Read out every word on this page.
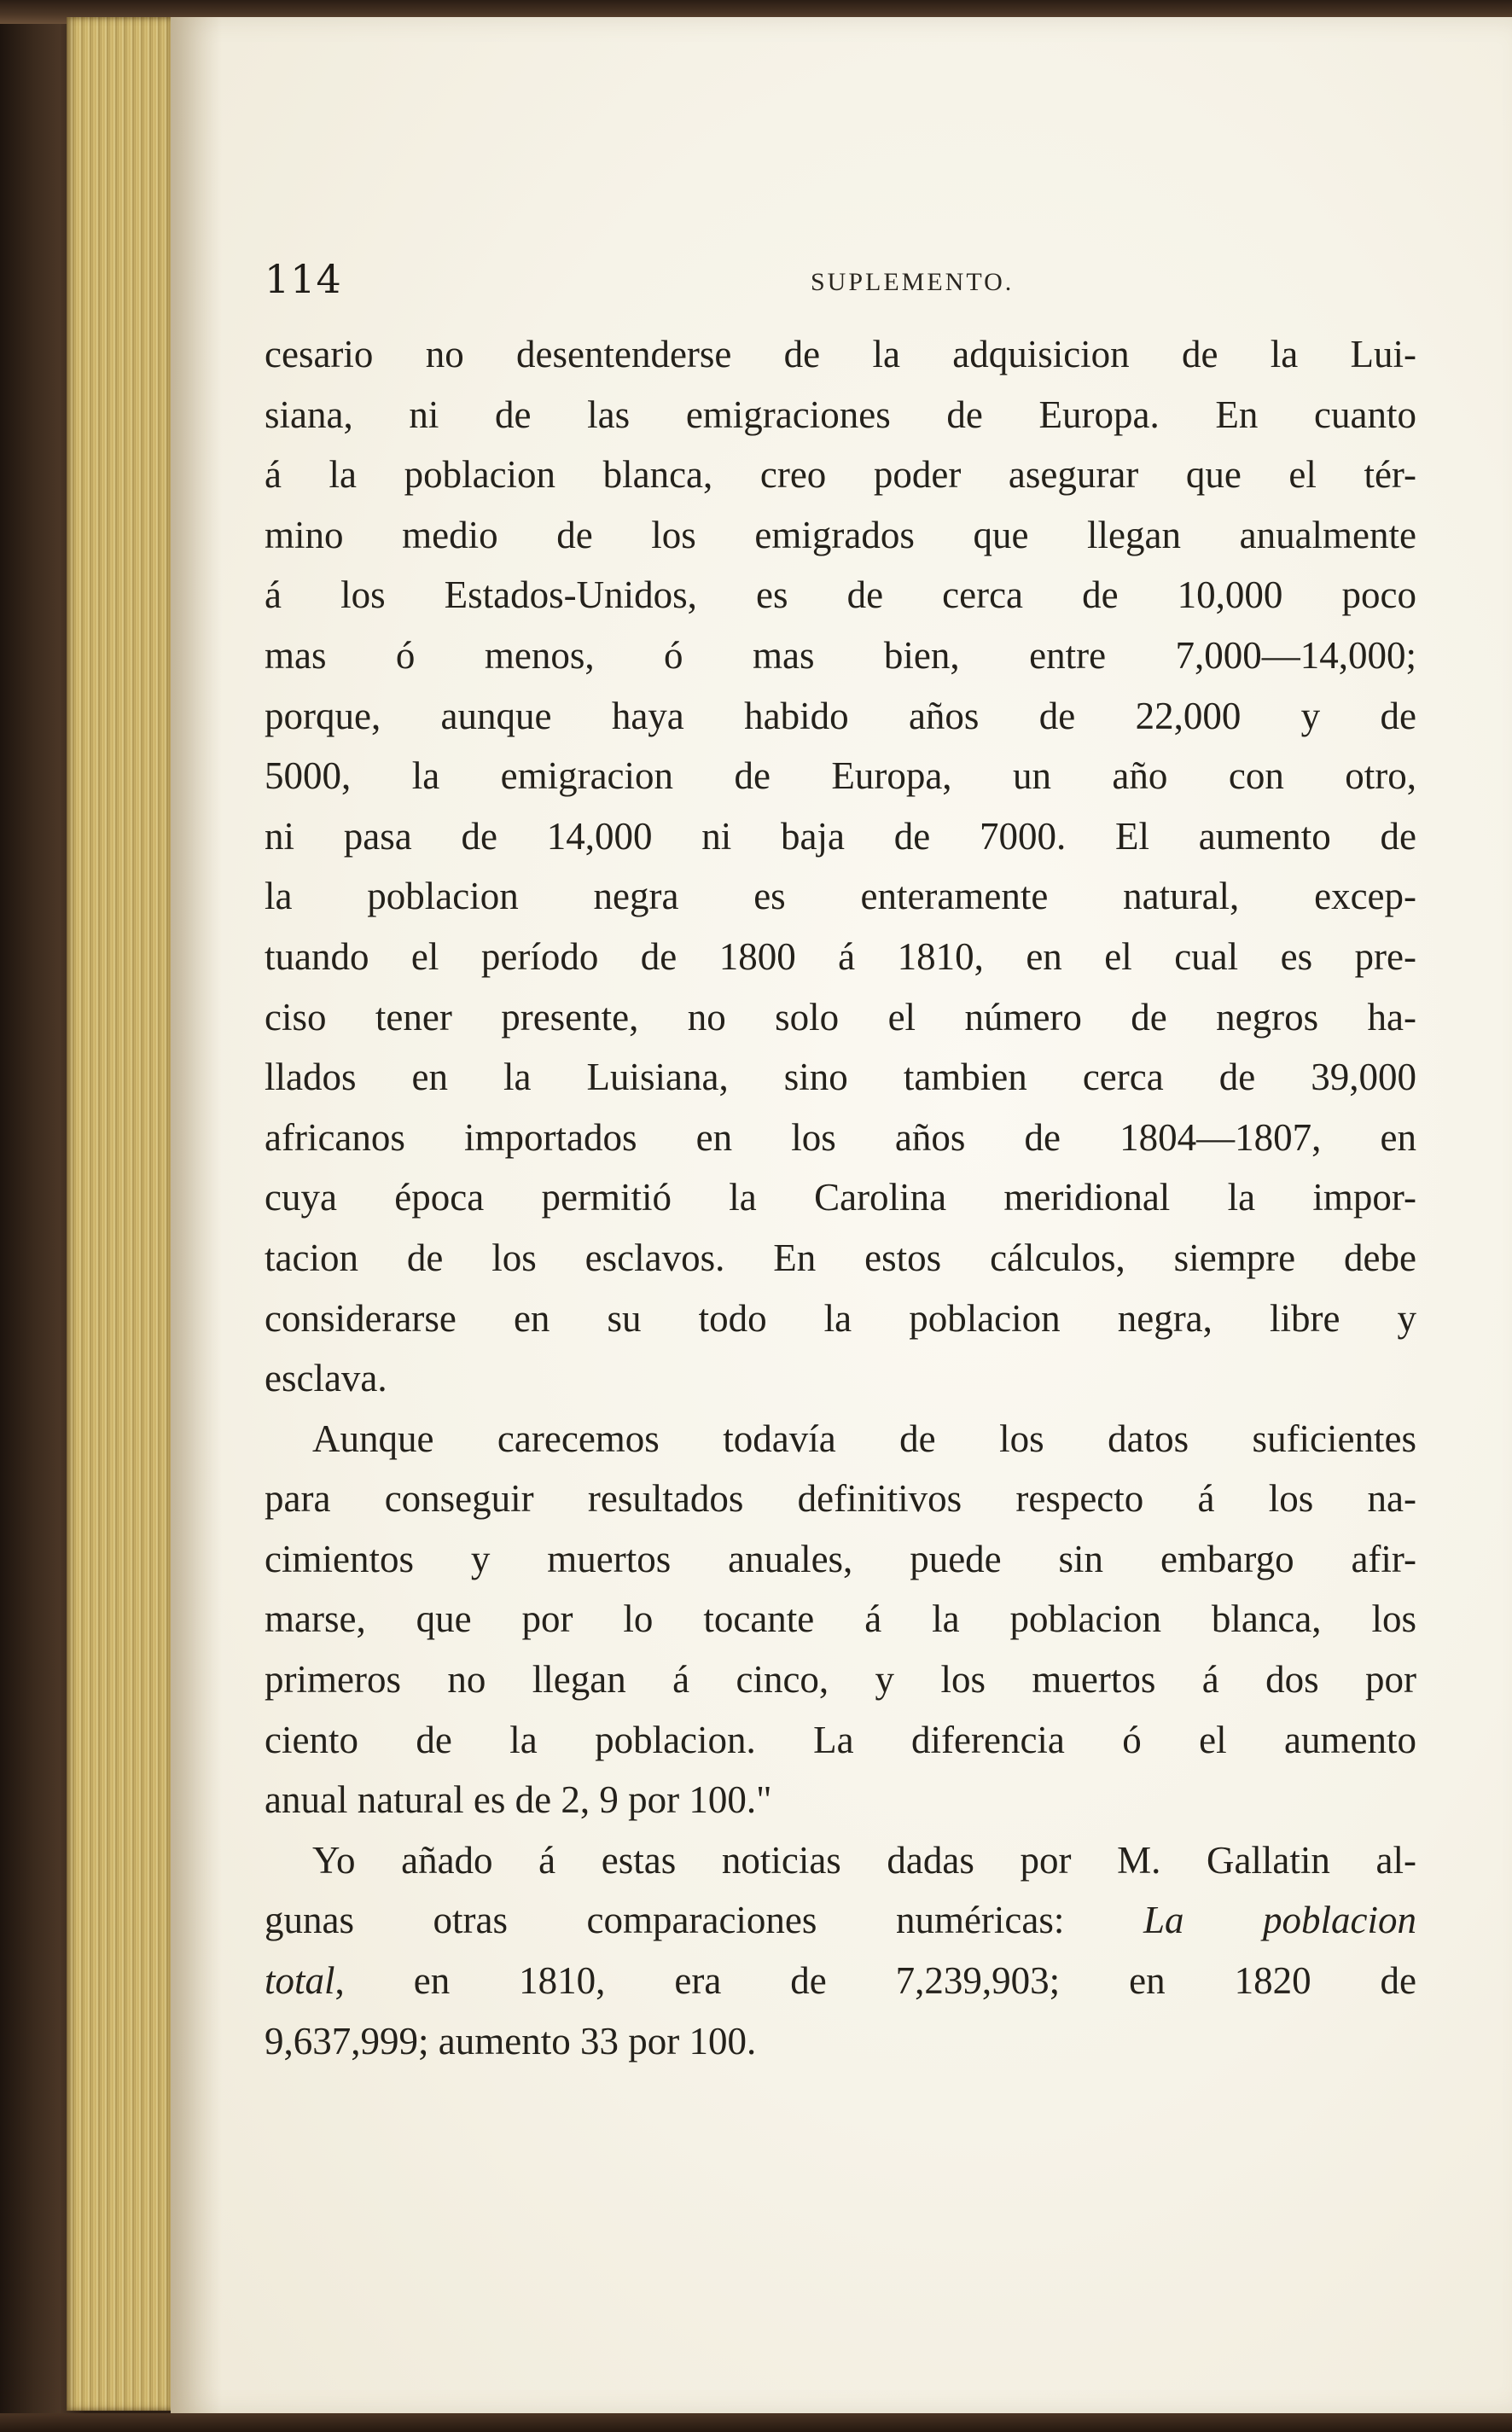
114	SUPLEMENTO.
cesario no desentenderse de la adquisicion de la Lui-
siana, ni de las emigraciones de Europa. En cuanto
á la poblacion blanca, creo poder asegurar que el tér-
mino medio de los emigrados que llegan anualmente
á los Estados-Unidos, es de cerca de 10,000 poco
mas ó menos, ó mas bien, entre 7,000—14,000;
porque, aunque haya habido años de 22,000 y de
5000, la emigracion de Europa, un año con otro,
ni pasa de 14,000 ni baja de 7000. El aumento de
la poblacion negra es enteramente natural, excep-
tuando el período de 1800 á 1810, en el cual es pre-
ciso tener presente, no solo el número de negros ha-
llados en la Luisiana, sino tambien cerca de 39,000
africanos importados en los años de 1804—1807, en
cuya época permitió la Carolina meridional la impor-
tacion de los esclavos. En estos cálculos, siempre debe
considerarse en su todo la poblacion negra, libre y
esclava.
Aunque carecemos todavía de los datos suficientes
para conseguir resultados definitivos respecto á los na-
cimientos y muertos anuales, puede sin embargo afir-
marse, que por lo tocante á la poblacion blanca, los
primeros no llegan á cinco, y los muertos á dos por
ciento de la poblacion. La diferencia ó el aumento
anual natural es de 2, 9 por 100."
Yo añado á estas noticias dadas por M. Gallatin al-
gunas otras comparaciones numéricas: La poblacion
total, en 1810, era de 7,239,903; en 1820 de
9,637,999; aumento 33 por 100.
